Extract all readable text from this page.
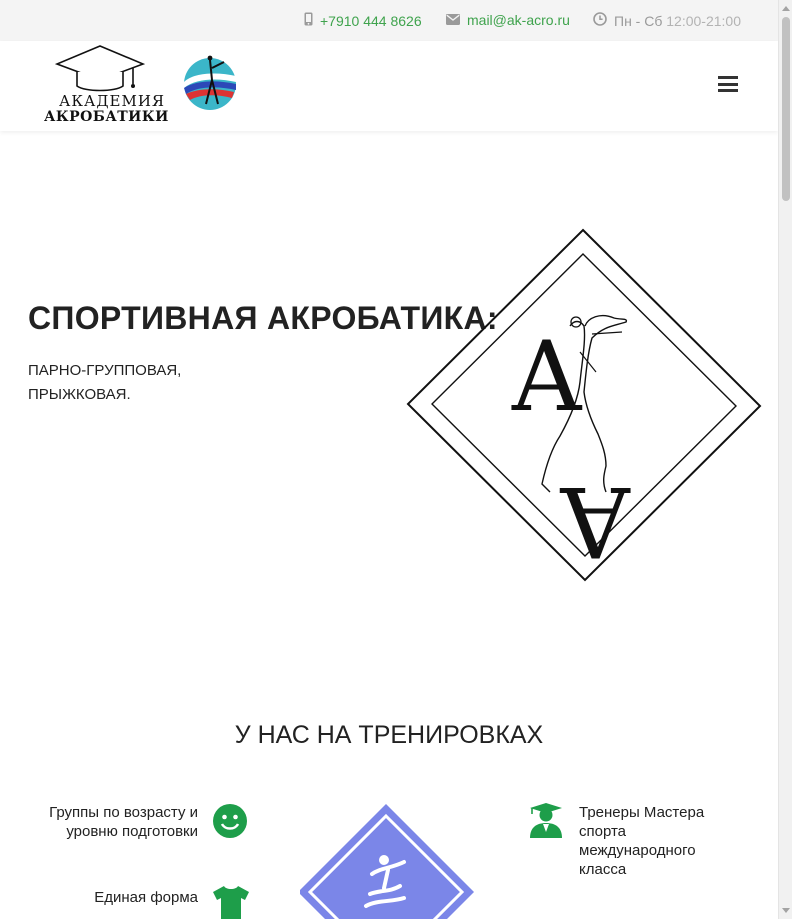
+7910 444 8626	mail@ak-acro.ru	Пн - Сб 12:00-21:00
АКАДЕМИЯ
АКРОБАТИКИ
СПОРТИВНАЯ АКРОБАТИКА:
ПАРНО-ГРУППОВАЯ,
ПРЫЖКОВАЯ.	A
A
У НАС НА ТРЕНИРОВКАХ
Группы по возрасту и уровню подготовки
Единая форма
Тренеры Мастера спорта международного класса
